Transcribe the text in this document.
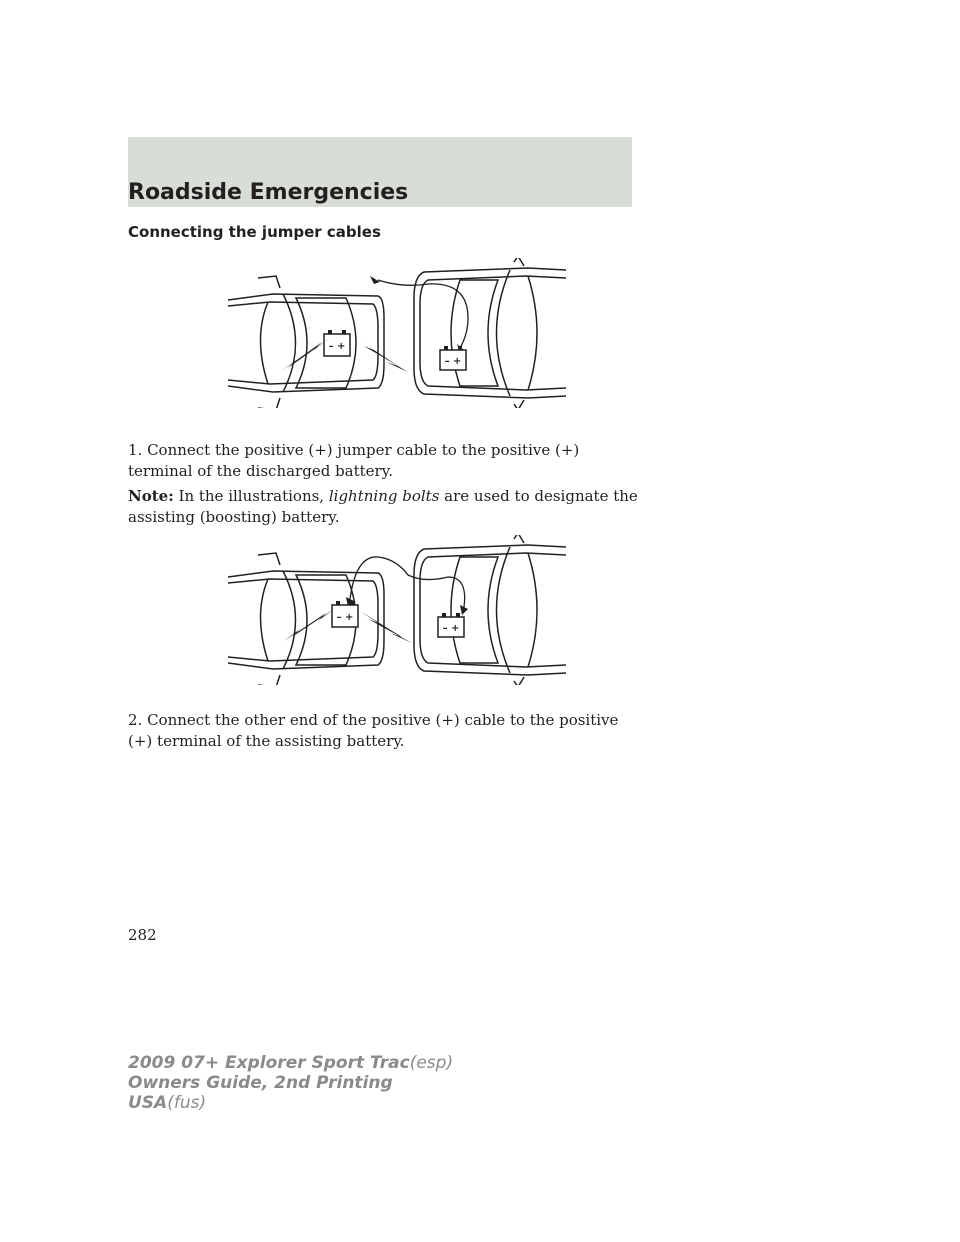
Roadside Emergencies
Connecting the jumper cables
– +
– +

1. Connect the positive (+) jumper cable to the positive (+) terminal of the discharged battery.

Note: In the illustrations, lightning bolts are used to designate the assisting (boosting) battery.

– +
– +

2. Connect the other end of the positive (+) cable to the positive (+) terminal of the assisting battery.

282

2009 07+ Explorer Sport Trac(esp)
Owners Guide, 2nd Printing
USA(fus)
